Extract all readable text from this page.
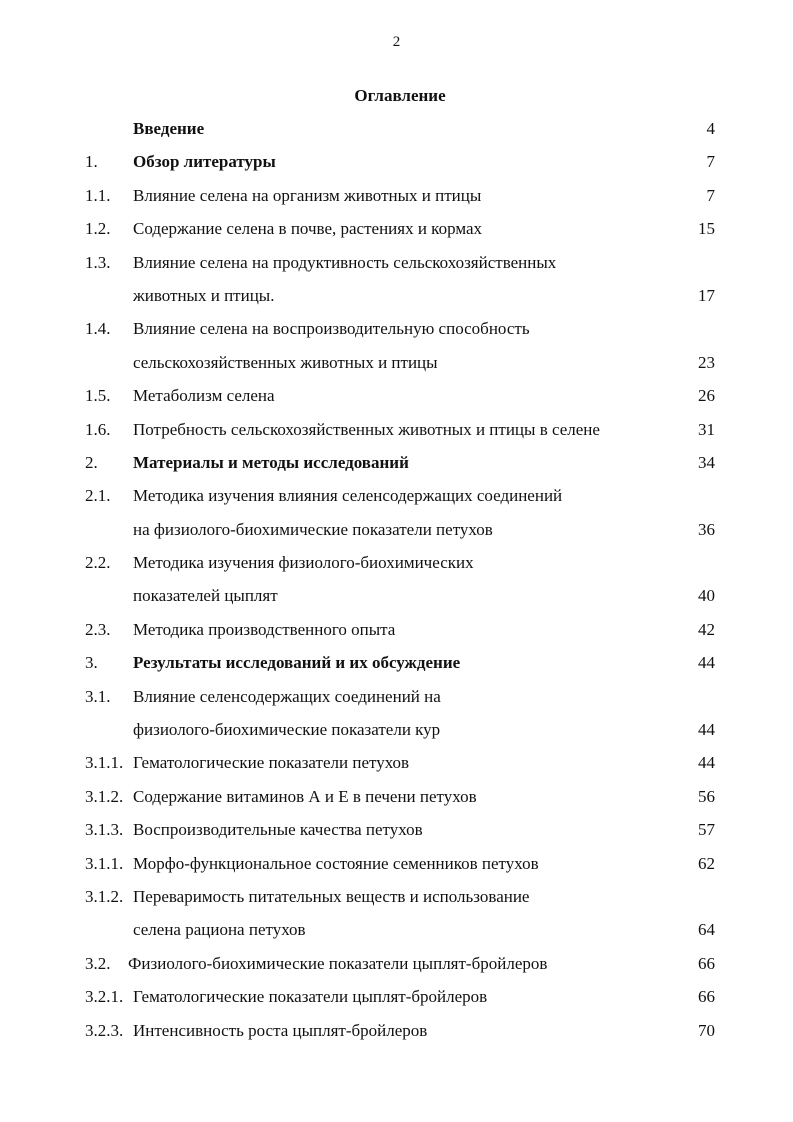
2
Оглавление
Введение	4
1. Обзор литературы	7
1.1. Влияние селена на организм животных и птицы	7
1.2. Содержание селена в почве, растениях и кормах	15
1.3. Влияние селена на продуктивность сельскохозяйственных
животных и птицы.	17
1.4. Влияние селена на воспроизводительную способность
сельскохозяйственных животных и птицы	23
1.5. Метаболизм селена	26
1.6. Потребность сельскохозяйственных животных и птицы в селене	31
2. Материалы и методы исследований	34
2.1. Методика изучения влияния селенсодержащих соединений
на физиолого-биохимические показатели петухов	36
2.2. Методика изучения физиолого-биохимических
показателей цыплят	40
2.3. Методика производственного опыта	42
3. Результаты исследований и их обсуждение	44
3.1. Влияние селенсодержащих соединений на
физиолого-биохимические показатели кур	44
3.1.1. Гематологические показатели петухов	44
3.1.2. Содержание витаминов А и Е в печени петухов	56
3.1.3. Воспроизводительные качества петухов	57
3.1.1. Морфо-функциональное состояние семенников петухов	62
3.1.2. Переваримость питательных веществ и использование
селена рациона петухов	64
3.2. Физиолого-биохимические показатели цыплят-бройлеров	66
3.2.1. Гематологические показатели цыплят-бройлеров	66
3.2.3. Интенсивность роста цыплят-бройлеров	70
